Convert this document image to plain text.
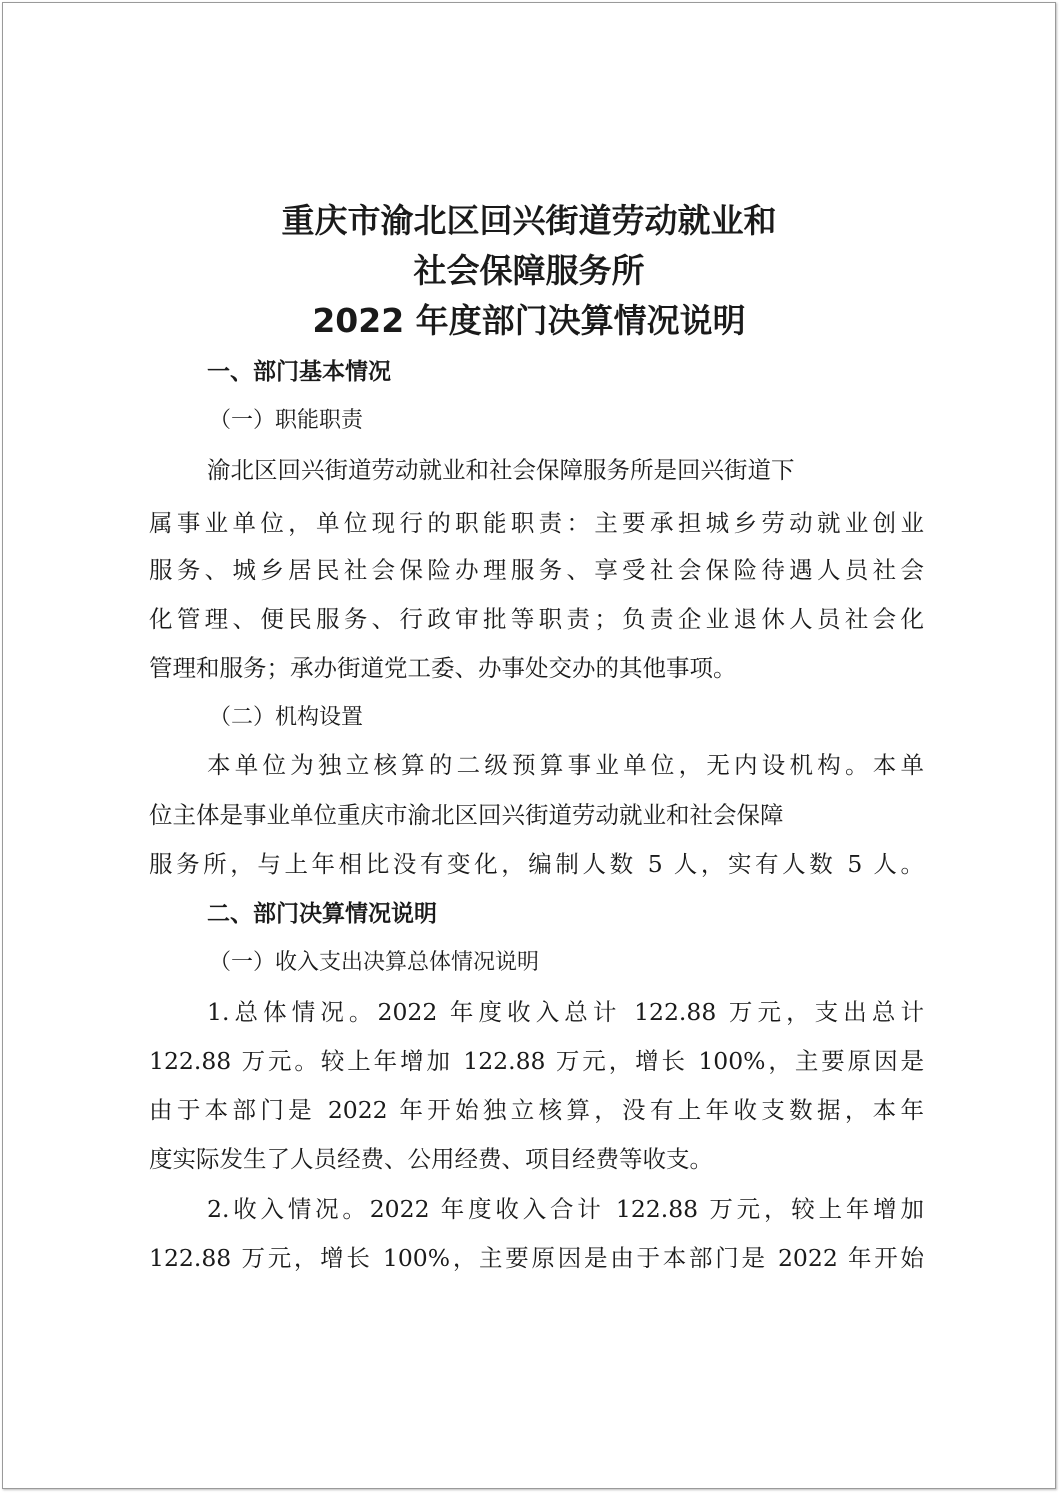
重庆市渝北区回兴街道劳动就业和
社会保障服务所
2022 年度部门决算情况说明
一、部门基本情况
（一）职能职责
渝北区回兴街道劳动就业和社会保障服务所是回兴街道下
属事业单位，单位现行的职能职责：主要承担城乡劳动就业创业
服务、城乡居民社会保险办理服务、享受社会保险待遇人员社会
化管理、便民服务、行政审批等职责；负责企业退休人员社会化
管理和服务；承办街道党工委、办事处交办的其他事项。
（二）机构设置
本单位为独立核算的二级预算事业单位，无内设机构。本单
位主体是事业单位重庆市渝北区回兴街道劳动就业和社会保障
服务所，与上年相比没有变化，编制人数 5 人，实有人数 5 人。
二、部门决算情况说明
（一）收入支出决算总体情况说明
1.总体情况。2022 年度收入总计 122.88 万元，支出总计
122.88 万元。较上年增加 122.88 万元，增长 100%，主要原因是
由于本部门是 2022 年开始独立核算，没有上年收支数据，本年
度实际发生了人员经费、公用经费、项目经费等收支。
2.收入情况。2022 年度收入合计 122.88 万元，较上年增加
122.88 万元，增长 100%，主要原因是由于本部门是 2022 年开始
